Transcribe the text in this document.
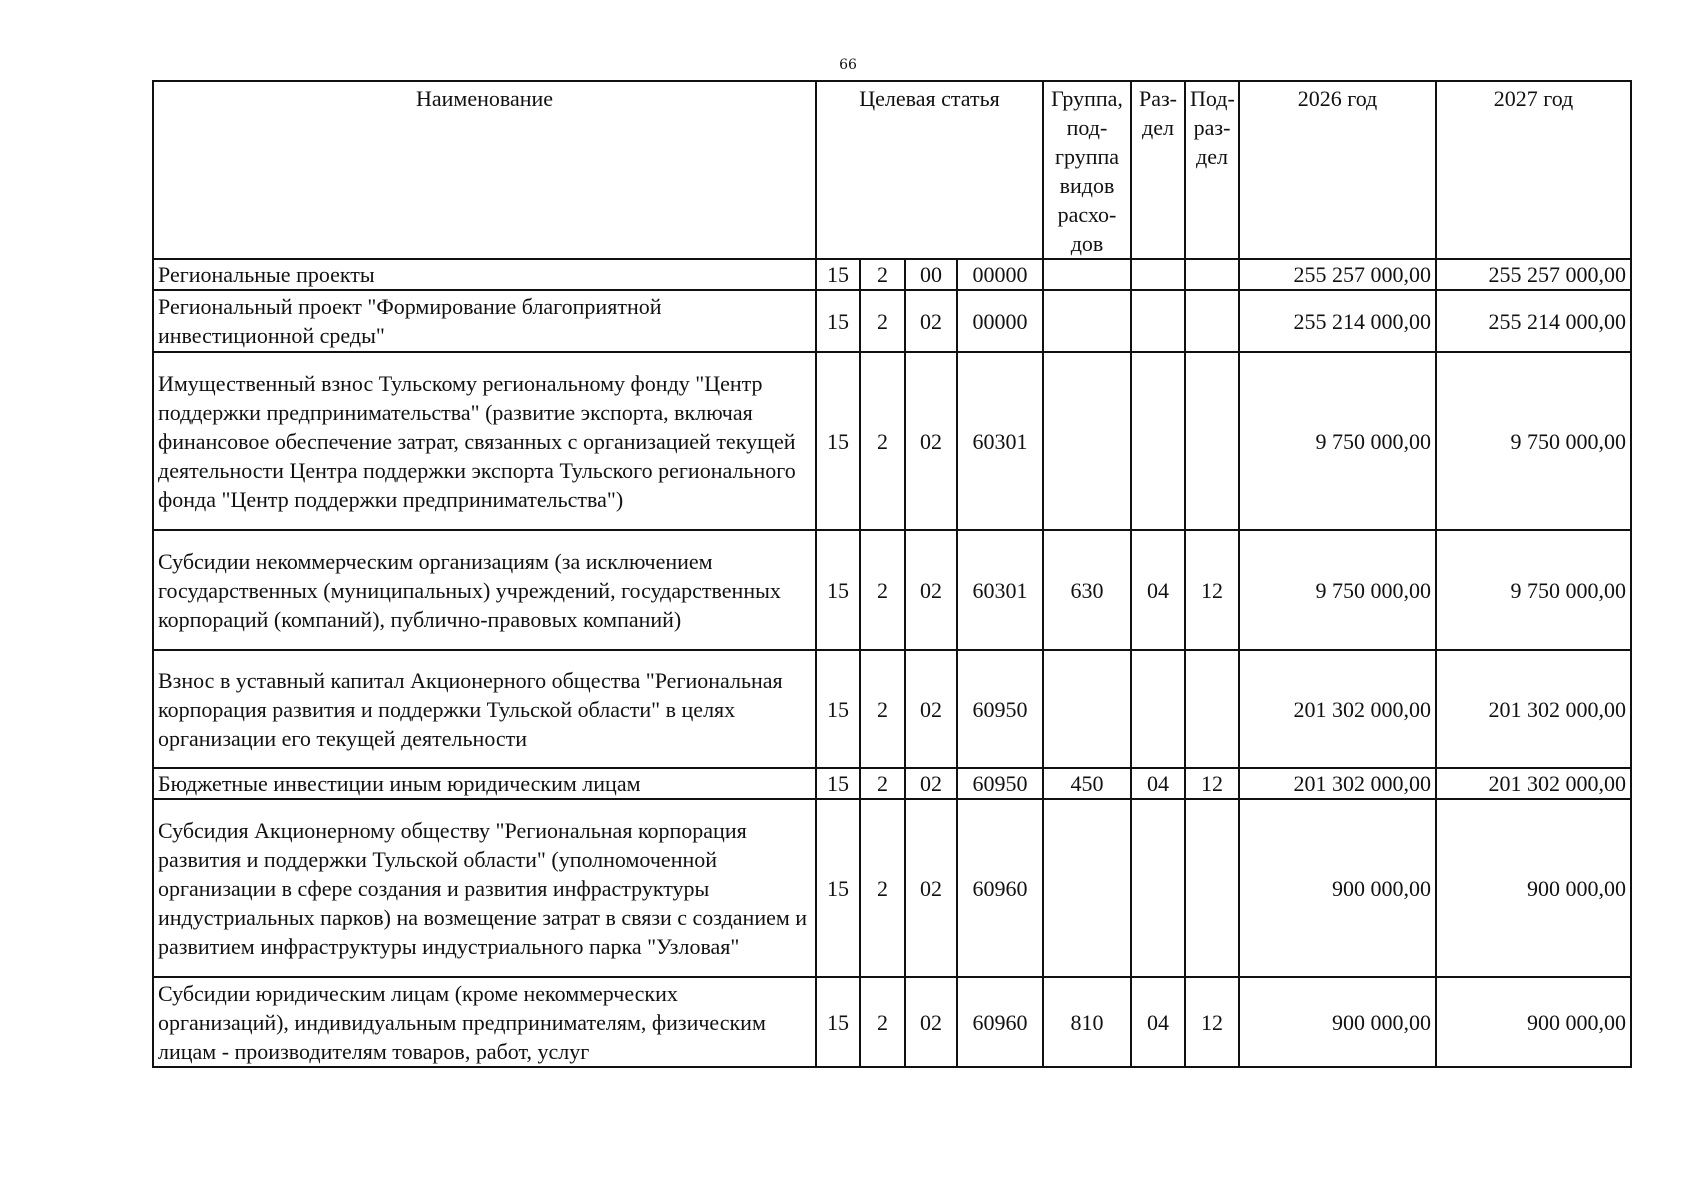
66
Наименование	Целевая статья				Группа, под-группа видов расхо-дов	Раз-дел	Под-раз-дел	2026 год	2027 год
Региональные проекты	15	2	00	00000				255 257 000,00	255 257 000,00
Региональный проект "Формирование благоприятной инвестиционной среды"	15	2	02	00000				255 214 000,00	255 214 000,00
Имущественный взнос Тульскому региональному фонду "Центр поддержки предпринимательства" (развитие экспорта, включая финансовое обеспечение затрат, связанных с организацией текущей деятельности Центра поддержки экспорта Тульского регионального фонда "Центр поддержки предпринимательства")	15	2	02	60301				9 750 000,00	9 750 000,00
Субсидии некоммерческим организациям (за исключением государственных (муниципальных) учреждений, государственных корпораций (компаний), публично-правовых компаний)	15	2	02	60301	630	04	12	9 750 000,00	9 750 000,00
Взнос в уставный капитал Акционерного общества "Региональная корпорация развития и поддержки Тульской области" в целях организации его текущей деятельности	15	2	02	60950				201 302 000,00	201 302 000,00
Бюджетные инвестиции иным юридическим лицам	15	2	02	60950	450	04	12	201 302 000,00	201 302 000,00
Субсидия Акционерному обществу "Региональная корпорация развития и поддержки Тульской области" (уполномоченной организации в сфере создания и развития инфраструктуры индустриальных парков) на возмещение затрат в связи с созданием и развитием инфраструктуры индустриального парка "Узловая"	15	2	02	60960				900 000,00	900 000,00
Субсидии юридическим лицам (кроме некоммерческих организаций), индивидуальным предпринимателям, физическим лицам - производителям товаров, работ, услуг	15	2	02	60960	810	04	12	900 000,00	900 000,00
